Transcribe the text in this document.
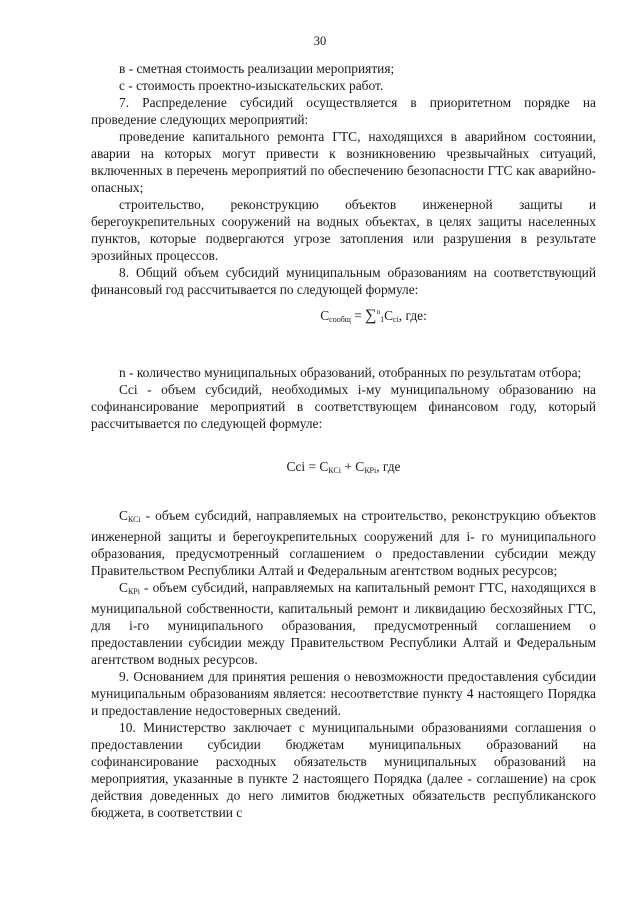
30

в - сметная стоимость реализации мероприятия;

с - стоимость проектно-изыскательских работ.

7. Распределение субсидий осуществляется в приоритетном порядке на проведение следующих мероприятий:

проведение капитального ремонта ГТС, находящихся в аварийном состоянии, аварии на которых могут привести к возникновению чрезвычайных ситуаций, включенных в перечень мероприятий по обеспечению безопасности ГТС как аварийно-опасных;

строительство, реконструкцию объектов инженерной защиты и берегоукрепительных сооружений на водных объектах, в целях защиты населенных пунктов, которые подвергаются угрозе затопления или разрушения в результате эрозийных процессов.

8. Общий объем субсидий муниципальным образованиям на соответствующий финансовый год рассчитывается по следующей формуле:

$C_{сообщ} = \sum^n_1C_{ci}$, где:

n - количество муниципальных образований, отобранных по результатам отбора;

Cci - объем субсидий, необходимых i-му муниципальному образованию на софинансирование мероприятий в соответствующем финансовом году, который рассчитывается по следующей формуле:

Cci = $C_{КСi} + C_{КРi}$, где

$C_{КСi}$ - объем субсидий, направляемых на строительство, реконструкцию объектов инженерной защиты и берегоукрепительных сооружений для i- го муниципального образования, предусмотренный соглашением о предоставлении субсидии между Правительством Республики Алтай и Федеральным агентством водных ресурсов;

$C_{КРi}$ - объем субсидий, направляемых на капитальный ремонт ГТС, находящихся в муниципальной собственности, капитальный ремонт и ликвидацию бесхозяйных ГТС, для i-го муниципального образования, предусмотренный соглашением о предоставлении субсидии между Правительством Республики Алтай и Федеральным агентством водных ресурсов.

9. Основанием для принятия решения о невозможности предоставления субсидии муниципальным образованиям является: несоответствие пункту 4 настоящего Порядка и предоставление недостоверных сведений.

10. Министерство заключает с муниципальными образованиями соглашения о предоставлении субсидии бюджетам муниципальных образований на софинансирование расходных обязательств муниципальных образований на мероприятия, указанные в пункте 2 настоящего Порядка (далее - соглашение) на срок действия доведенных до него лимитов бюджетных обязательств республиканского бюджета, в соответствии с
